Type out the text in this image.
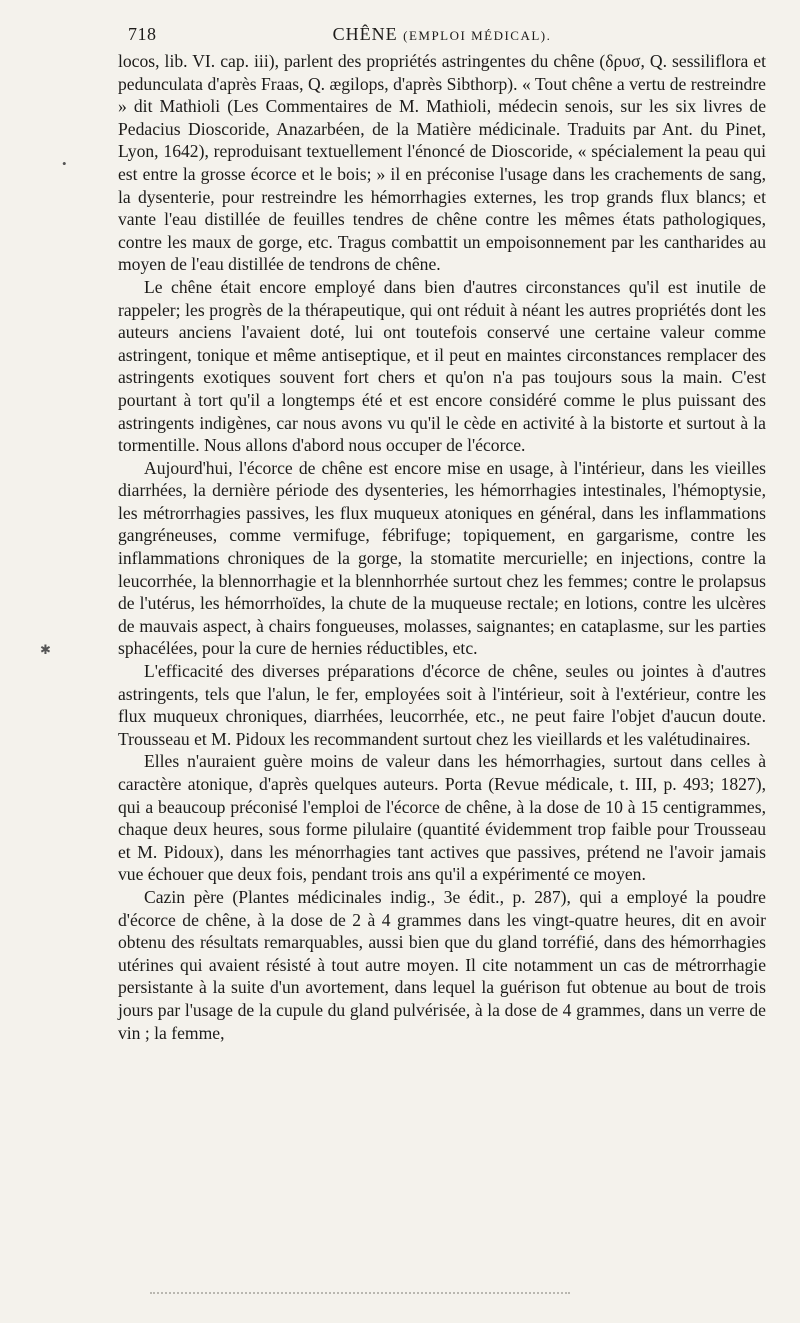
718	CHÊNE (EMPLOI MÉDICAL).

locos, lib. VI. cap. iii), parlent des propriétés astringentes du chêne (δρυσ, Q. sessiliflora et pedunculata d'après Fraas, Q. ægilops, d'après Sibthorp). « Tout chêne a vertu de restreindre » dit Mathioli (Les Commentaires de M. Mathioli, médecin senois, sur les six livres de Pedacius Dioscoride, Anazarbéen, de la Matière médicinale. Traduits par Ant. du Pinet, Lyon, 1642), reproduisant textuellement l'énoncé de Dioscoride, « spécialement la peau qui est entre la grosse écorce et le bois; » il en préconise l'usage dans les crachements de sang, la dysenterie, pour restreindre les hémorrhagies externes, les trop grands flux blancs; et vante l'eau distillée de feuilles tendres de chêne contre les mêmes états pathologiques, contre les maux de gorge, etc. Tragus combattit un empoisonnement par les cantharides au moyen de l'eau distillée de tendrons de chêne.

Le chêne était encore employé dans bien d'autres circonstances qu'il est inutile de rappeler; les progrès de la thérapeutique, qui ont réduit à néant les autres propriétés dont les auteurs anciens l'avaient doté, lui ont toutefois conservé une certaine valeur comme astringent, tonique et même antiseptique, et il peut en maintes circonstances remplacer des astringents exotiques souvent fort chers et qu'on n'a pas toujours sous la main. C'est pourtant à tort qu'il a longtemps été et est encore considéré comme le plus puissant des astringents indigènes, car nous avons vu qu'il le cède en activité à la bistorte et surtout à la tormentille. Nous allons d'abord nous occuper de l'écorce.

Aujourd'hui, l'écorce de chêne est encore mise en usage, à l'intérieur, dans les vieilles diarrhées, la dernière période des dysenteries, les hémorrhagies intestinales, l'hémoptysie, les métrorrhagies passives, les flux muqueux atoniques en général, dans les inflammations gangréneuses, comme vermifuge, fébrifuge; topiquement, en gargarisme, contre les inflammations chroniques de la gorge, la stomatite mercurielle; en injections, contre la leucorrhée, la blennorrhagie et la blennhorrhée surtout chez les femmes; contre le prolapsus de l'utérus, les hémorrhoïdes, la chute de la muqueuse rectale; en lotions, contre les ulcères de mauvais aspect, à chairs fongueuses, molasses, saignantes; en cataplasme, sur les parties sphacélées, pour la cure de hernies réductibles, etc.

L'efficacité des diverses préparations d'écorce de chêne, seules ou jointes à d'autres astringents, tels que l'alun, le fer, employées soit à l'intérieur, soit à l'extérieur, contre les flux muqueux chroniques, diarrhées, leucorrhée, etc., ne peut faire l'objet d'aucun doute. Trousseau et M. Pidoux les recommandent surtout chez les vieillards et les valétudinaires.

Elles n'auraient guère moins de valeur dans les hémorrhagies, surtout dans celles à caractère atonique, d'après quelques auteurs. Porta (Revue médicale, t. III, p. 493; 1827), qui a beaucoup préconisé l'emploi de l'écorce de chêne, à la dose de 10 à 15 centigrammes, chaque deux heures, sous forme pilulaire (quantité évidemment trop faible pour Trousseau et M. Pidoux), dans les ménorrhagies tant actives que passives, prétend ne l'avoir jamais vue échouer que deux fois, pendant trois ans qu'il a expérimenté ce moyen.

Cazin père (Plantes médicinales indig., 3e édit., p. 287), qui a employé la poudre d'écorce de chêne, à la dose de 2 à 4 grammes dans les vingt-quatre heures, dit en avoir obtenu des résultats remarquables, aussi bien que du gland torréfié, dans des hémorrhagies utérines qui avaient résisté à tout autre moyen. Il cite notamment un cas de métrorrhagie persistante à la suite d'un avortement, dans lequel la guérison fut obtenue au bout de trois jours par l'usage de la cupule du gland pulvérisée, à la dose de 4 grammes, dans un verre de vin ; la femme,

•
✱
